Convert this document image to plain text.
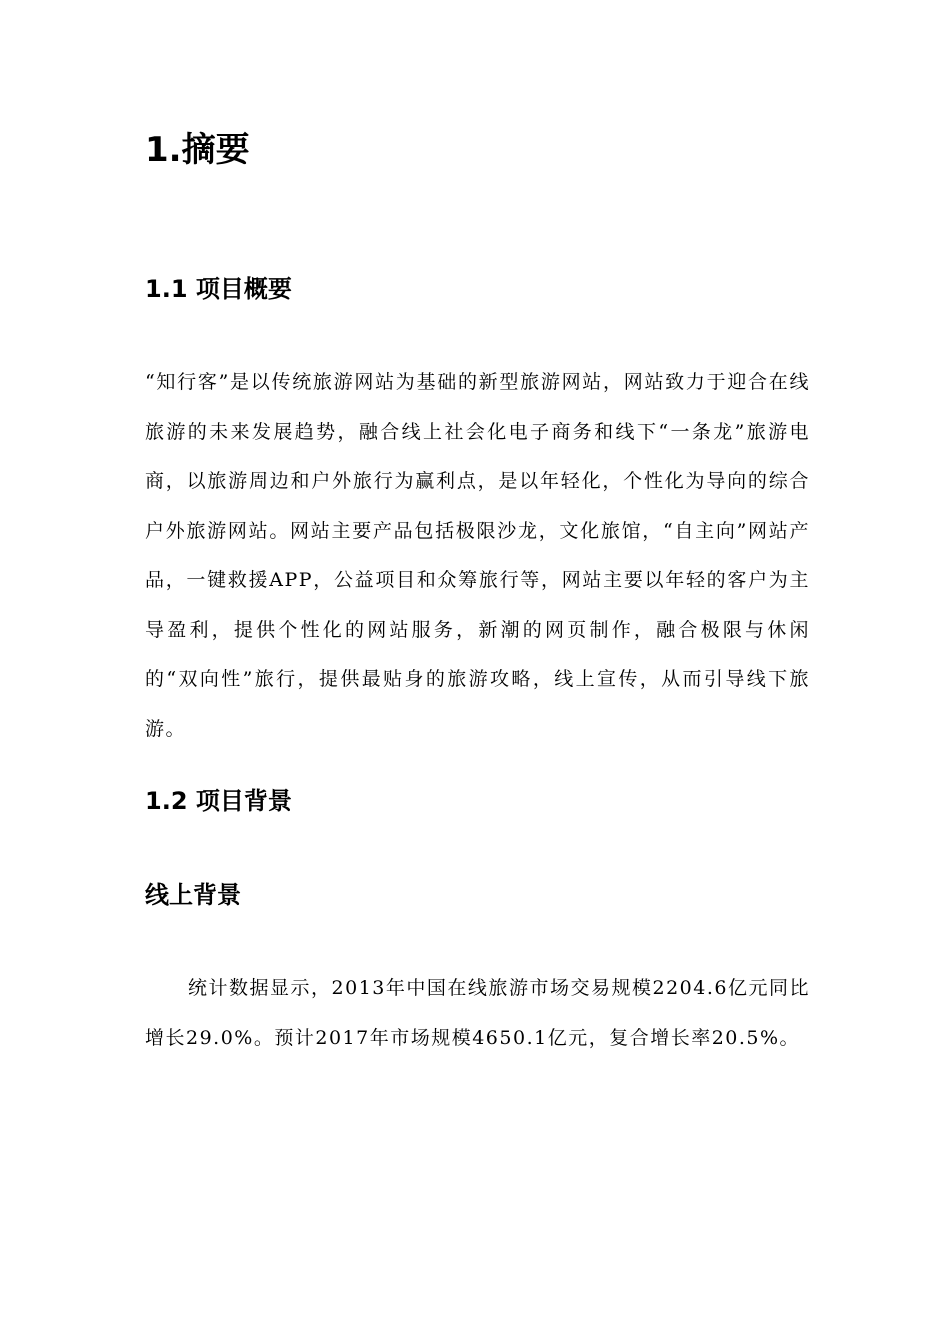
1.摘要
1.1 项目概要

“知行客”是以传统旅游网站为基础的新型旅游网站，网站致力于迎合在线旅游的未来发展趋势，融合线上社会化电子商务和线下“一条龙”旅游电商，以旅游周边和户外旅行为赢利点，是以年轻化，个性化为导向的综合户外旅游网站。网站主要产品包括极限沙龙，文化旅馆，“自主向”网站产品，一键救援APP，公益项目和众筹旅行等，网站主要以年轻的客户为主导盈利，提供个性化的网站服务，新潮的网页制作，融合极限与休闲的“双向性”旅行，提供最贴身的旅游攻略，线上宣传，从而引导线下旅游。

1.2 项目背景
线上背景

统计数据显示，2013年中国在线旅游市场交易规模2204.6亿元同比增长29.0%。预计2017年市场规模4650.1亿元，复合增长率20.5%。
